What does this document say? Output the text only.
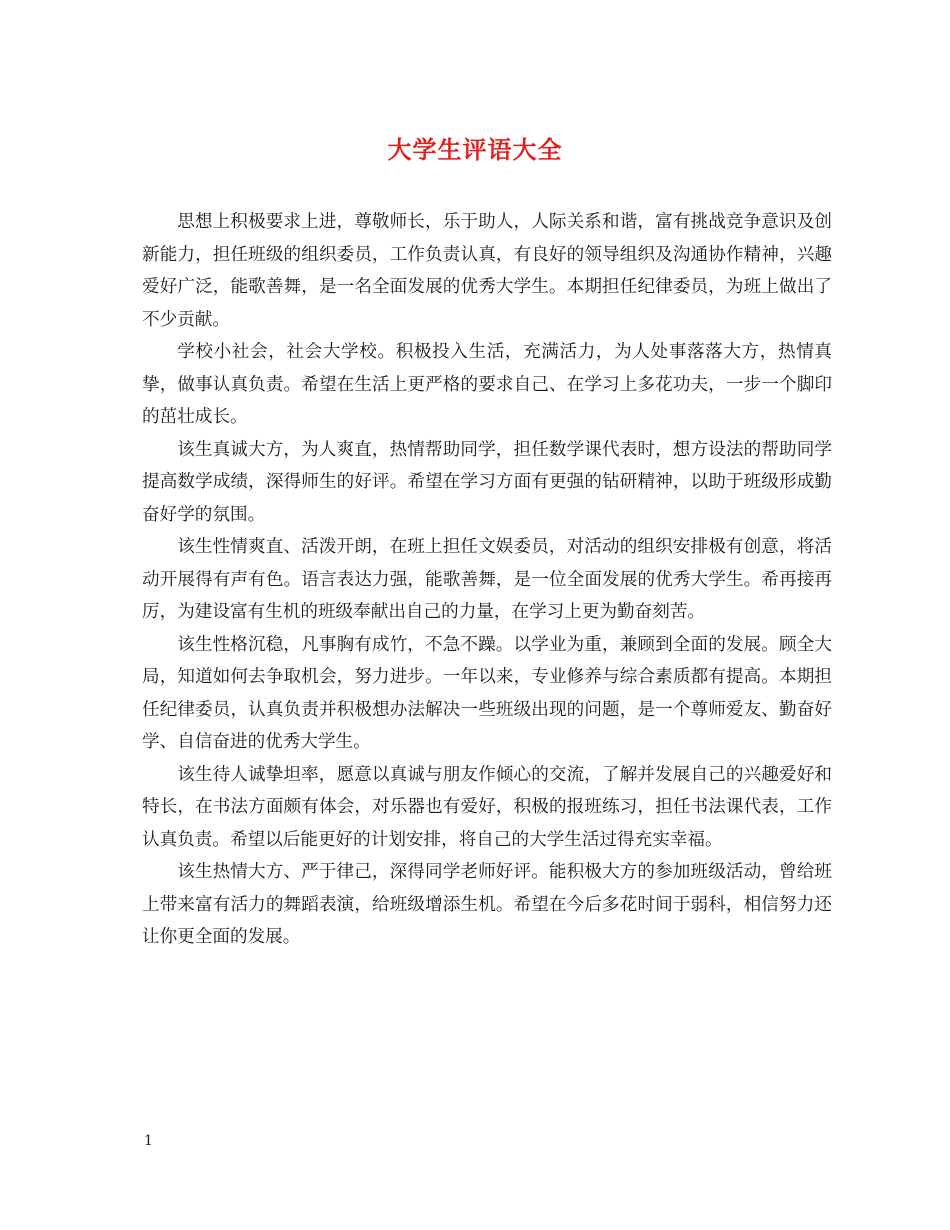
大学生评语大全

思想上积极要求上进，尊敬师长，乐于助人，人际关系和谐，富有挑战竞争意识及创新能力，担任班级的组织委员，工作负责认真，有良好的领导组织及沟通协作精神，兴趣爱好广泛，能歌善舞，是一名全面发展的优秀大学生。本期担任纪律委员，为班上做出了不少贡献。

学校小社会，社会大学校。积极投入生活，充满活力，为人处事落落大方，热情真挚，做事认真负责。希望在生活上更严格的要求自己、在学习上多花功夫，一步一个脚印的茁壮成长。

该生真诚大方，为人爽直，热情帮助同学，担任数学课代表时，想方设法的帮助同学提高数学成绩，深得师生的好评。希望在学习方面有更强的钻研精神，以助于班级形成勤奋好学的氛围。

该生性情爽直、活泼开朗，在班上担任文娱委员，对活动的组织安排极有创意，将活动开展得有声有色。语言表达力强，能歌善舞，是一位全面发展的优秀大学生。希再接再厉，为建设富有生机的班级奉献出自己的力量，在学习上更为勤奋刻苦。

该生性格沉稳，凡事胸有成竹，不急不躁。以学业为重，兼顾到全面的发展。顾全大局，知道如何去争取机会，努力进步。一年以来，专业修养与综合素质都有提高。本期担任纪律委员，认真负责并积极想办法解决一些班级出现的问题，是一个尊师爱友、勤奋好学、自信奋进的优秀大学生。

该生待人诚挚坦率，愿意以真诚与朋友作倾心的交流，了解并发展自己的兴趣爱好和特长，在书法方面颇有体会，对乐器也有爱好，积极的报班练习，担任书法课代表，工作认真负责。希望以后能更好的计划安排，将自己的大学生活过得充实幸福。

该生热情大方、严于律己，深得同学老师好评。能积极大方的参加班级活动，曾给班上带来富有活力的舞蹈表演，给班级增添生机。希望在今后多花时间于弱科，相信努力还让你更全面的发展。

1
